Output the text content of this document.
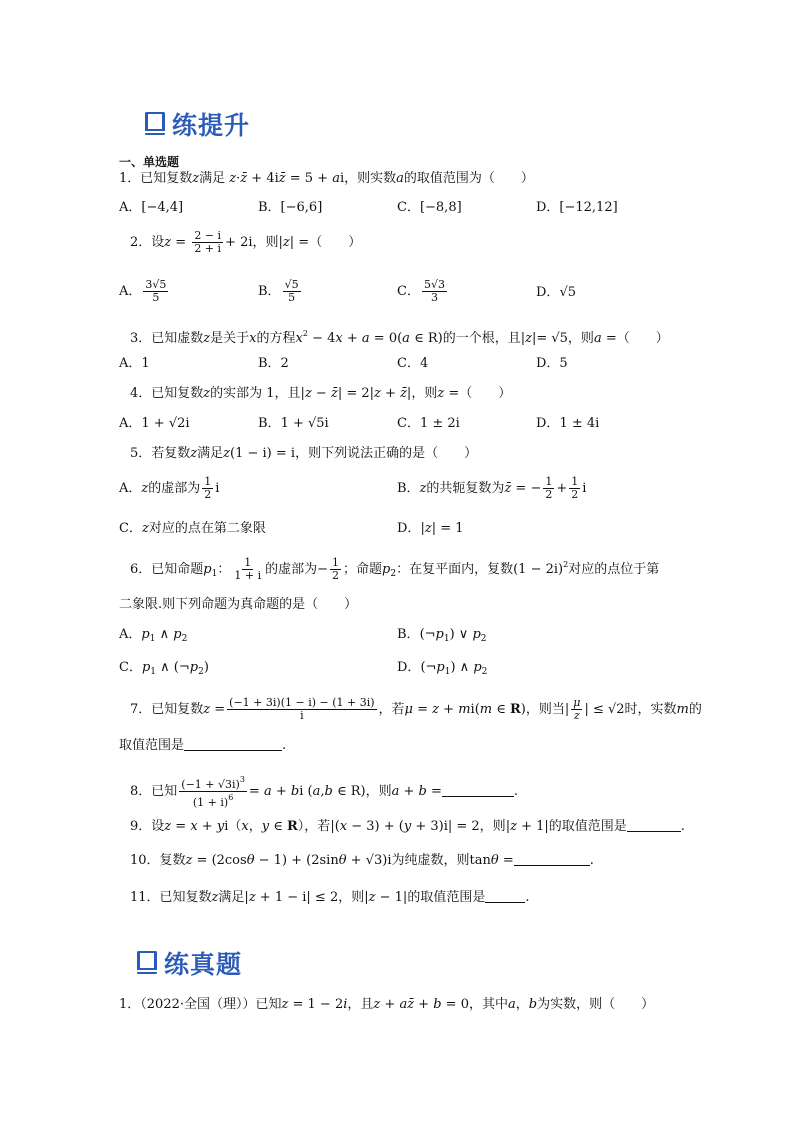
练提升
一、单选题
1．已知复数z满足 z·z̄ + 4iz̄ = 5 + ai，则实数a的取值范围为（　　）
A．[−4,4]	B．[−6,6]	C．[−8,8]	D．[−12,12]
2．设$z = \frac{2 - i}{2 + i} + 2i$，则|z| =（　　）
A． $\frac{3√5}{5}$	B． $\frac{√5}{5}$	C． $\frac{5√3}{3}$	D．√5
3．已知虚数z是关于x的方程$x^2 - 4x + a = 0(a$ ∈ R)的一个根，且|z|= √5，则a =（　　）
A．1	B．2	C．4	D．5
4．已知复数z的实部为 1，且|z − z̄| = 2|z + z̄|，则z =（　　）
A．1 + √2i	B．1 + √5i	C．1 ± 2i	D．1 ± 4i
5．若复数z满足z(1 − i) = i，则下列说法正确的是（　　）
A．z的虚部为 $\frac{1}{2}$ i	B．z的共轭复数为z̄ = − $\frac{1}{2} + \frac{1}{2}$ i
C．z对应的点在第二象限	D．|z| = 1
6．已知命题$p_1$： $\frac{1}{1 + i}$ 的虚部为− $\frac{1}{2}$ ；命题$p_2$：在复平面内，复数$(1 - 2i)^2$对应的点位于第
二象限.则下列命题为真命题的是（　　）
A．$p_1$ ∧ $p_2$	B．$(\neg p_1)$ ∨ $p_2$
C．$p_1$ ∧ $(\neg p_2)$	D．$(\neg p_1)$ ∧ $p_2$
7．已知复数$z = \frac{(-1 + 3i)(1 - i) - (1 + 3i)}{i}$ ，若μ = z + mi(m ∈ R)，则当| $\frac{\mu}{z}$ | ≤ √2时，实数m的
取值范围是	.
8．已知 $\frac{(-1 + √3i)^3}{(1 + i)^6} = a$ + bi (a,b ∈ R)，则a + b =	.
9．设z = x + yi（x，y ∈ R），若|(x − 3) + (y + 3)i| = 2，则|z + 1|的取值范围是	.
10．复数z = (2cosθ − 1) + (2sinθ + √3)i为纯虚数，则tanθ =	.
11．已知复数z满足|z + 1 − i| ≤ 2，则|z − 1|的取值范围是	.
练真题
1．（2022·全国（理））已知z = 1 − 2i，且z + az̄ + b = 0，其中a，b为实数，则（　　）
